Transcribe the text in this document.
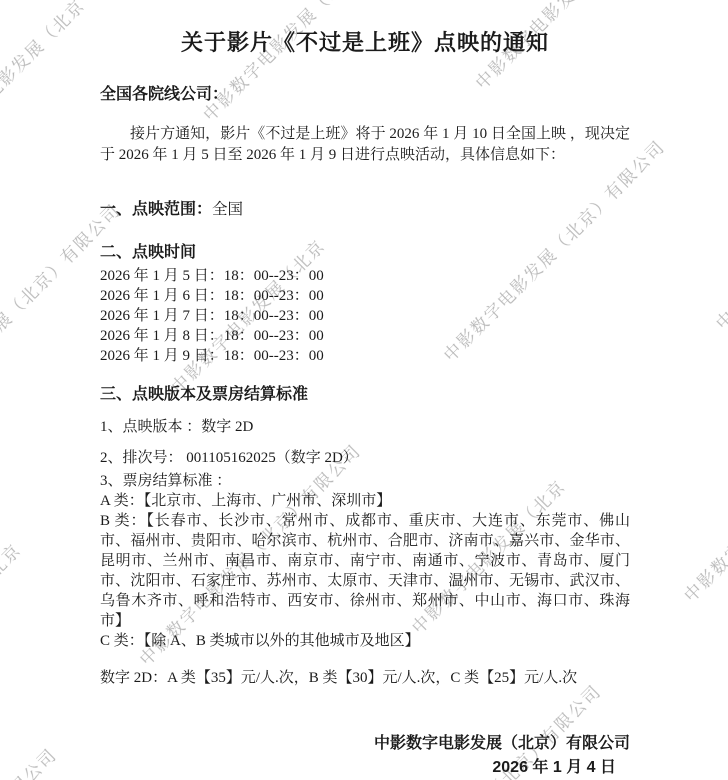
关于影片《不过是上班》点映的通知
全国各院线公司：
接片方通知，影片《不过是上班》将于 2026 年 1 月 10 日全国上映 ，现决定于 2026 年 1 月 5 日至 2026 年 1 月 9 日进行点映活动，具体信息如下：
一、点映范围：全国
二、点映时间
2026 年 1 月 5 日：18：00--23：00
2026 年 1 月 6 日：18：00--23：00
2026 年 1 月 7 日：18：00--23：00
2026 年 1 月 8 日：18：00--23：00
2026 年 1 月 9 日：18：00--23：00
三、点映版本及票房结算标准
1、点映版本 ：数字 2D
2、排次号： 001105162025（数字 2D）
3、票房结算标准 ：
A 类：【北京市、上海市、广州市、深圳市】
B 类：【长春市、长沙市、常州市、成都市、重庆市、大连市、东莞市、佛山市、福州市、贵阳市、哈尔滨市、杭州市、合肥市、济南市、嘉兴市、金华市、昆明市、兰州市、南昌市、南京市、南宁市、南通市、宁波市、青岛市、厦门市、沈阳市、石家庄市、苏州市、太原市、天津市、温州市、无锡市、武汉市、乌鲁木齐市、呼和浩特市、西安市、徐州市、郑州市、中山市、海口市、珠海市】
C 类：【除 A、B 类城市以外的其他城市及地区】
数字 2D：A 类【35】元/人.次，B 类【30】元/人.次，C 类【25】元/人.次
中影数字电影发展（北京）有限公司
2026 年 1 月 4 日
